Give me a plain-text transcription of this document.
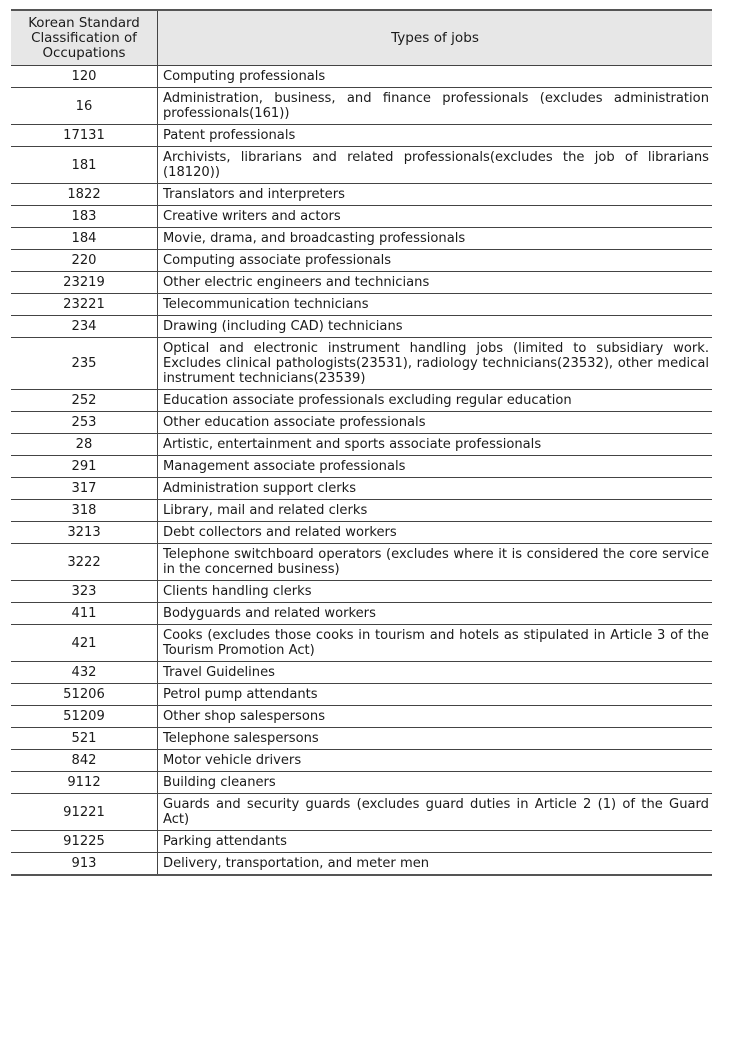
Korean Standard Classification of Occupations	Types of jobs
120	Computing professionals
16	Administration, business, and finance professionals (excludes administration professionals(161))
17131	Patent professionals
181	Archivists, librarians and related professionals(excludes the job of librarians (18120))
1822	Translators and interpreters
183	Creative writers and actors
184	Movie, drama, and broadcasting professionals
220	Computing associate professionals
23219	Other electric engineers and technicians
23221	Telecommunication technicians
234	Drawing (including CAD) technicians
235	Optical and electronic instrument handling jobs (limited to subsidiary work. Excludes clinical pathologists(23531), radiology technicians(23532), other medical instrument technicians(23539)
252	Education associate professionals excluding regular education
253	Other education associate professionals
28	Artistic, entertainment and sports associate professionals
291	Management associate professionals
317	Administration support clerks
318	Library, mail and related clerks
3213	Debt collectors and related workers
3222	Telephone switchboard operators (excludes where it is considered the core service in the concerned business)
323	Clients handling clerks
411	Bodyguards and related workers
421	Cooks (excludes those cooks in tourism and hotels as stipulated in Article 3 of the Tourism Promotion Act)
432	Travel Guidelines
51206	Petrol pump attendants
51209	Other shop salespersons
521	Telephone salespersons
842	Motor vehicle drivers
9112	Building cleaners
91221	Guards and security guards (excludes guard duties in Article 2 (1) of the Guard Act)
91225	Parking attendants
913	Delivery, transportation, and meter men
